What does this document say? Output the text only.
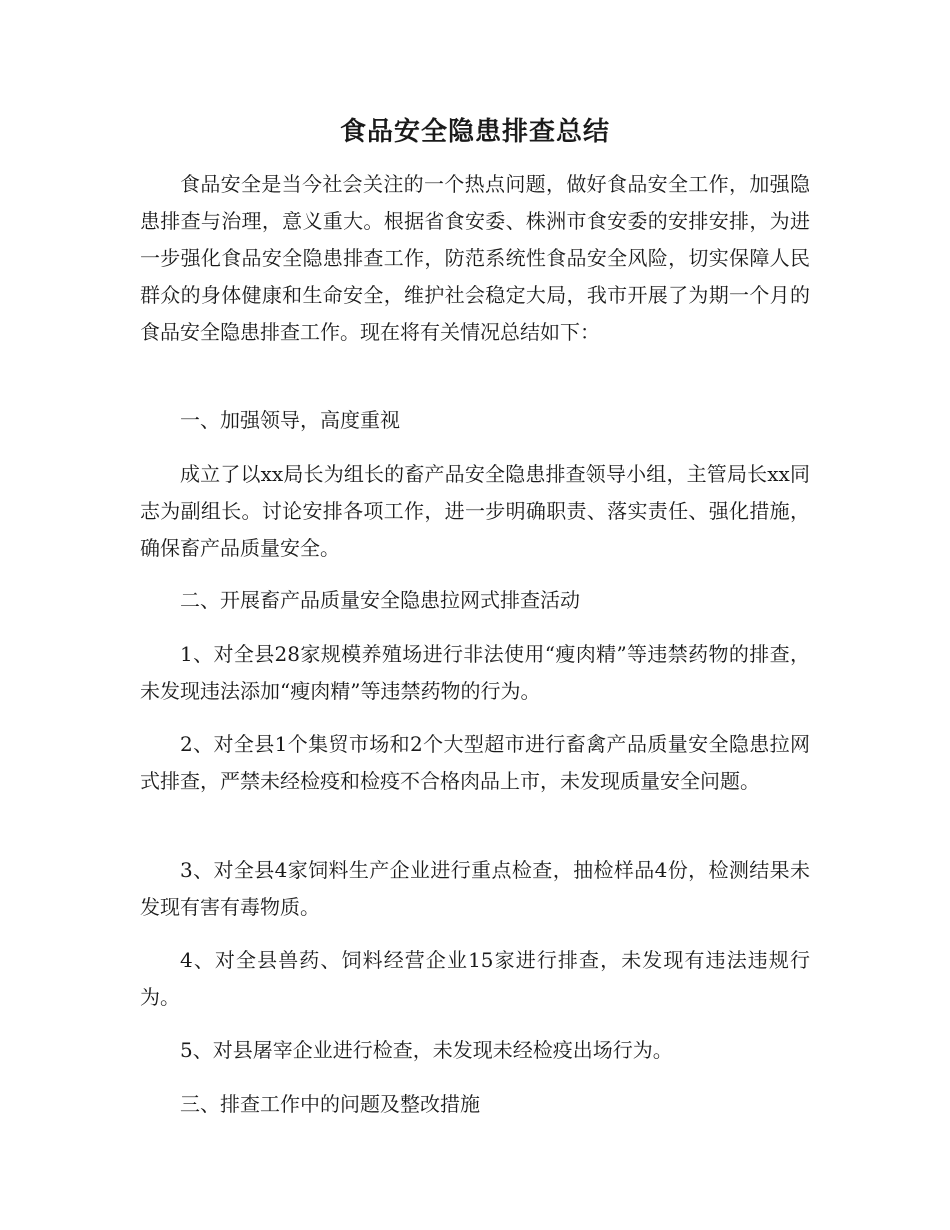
食品安全隐患排查总结

食品安全是当今社会关注的一个热点问题，做好食品安全工作，加强隐患排查与治理，意义重大。根据省食安委、株洲市食安委的安排安排，为进一步强化食品安全隐患排查工作，防范系统性食品安全风险，切实保障人民群众的身体健康和生命安全，维护社会稳定大局，我市开展了为期一个月的食品安全隐患排查工作。现在将有关情况总结如下：

一、加强领导，高度重视

成立了以xx局长为组长的畜产品安全隐患排查领导小组，主管局长xx同志为副组长。讨论安排各项工作，进一步明确职责、落实责任、强化措施，确保畜产品质量安全。

二、开展畜产品质量安全隐患拉网式排查活动

1、对全县28家规模养殖场进行非法使用“瘦肉精”等违禁药物的排查，未发现违法添加“瘦肉精”等违禁药物的行为。

2、对全县1个集贸市场和2个大型超市进行畜禽产品质量安全隐患拉网式排查，严禁未经检疫和检疫不合格肉品上市，未发现质量安全问题。

3、对全县4家饲料生产企业进行重点检查，抽检样品4份，检测结果未发现有害有毒物质。

4、对全县兽药、饲料经营企业15家进行排查，未发现有违法违规行为。

5、对县屠宰企业进行检查，未发现未经检疫出场行为。

三、排查工作中的问题及整改措施
